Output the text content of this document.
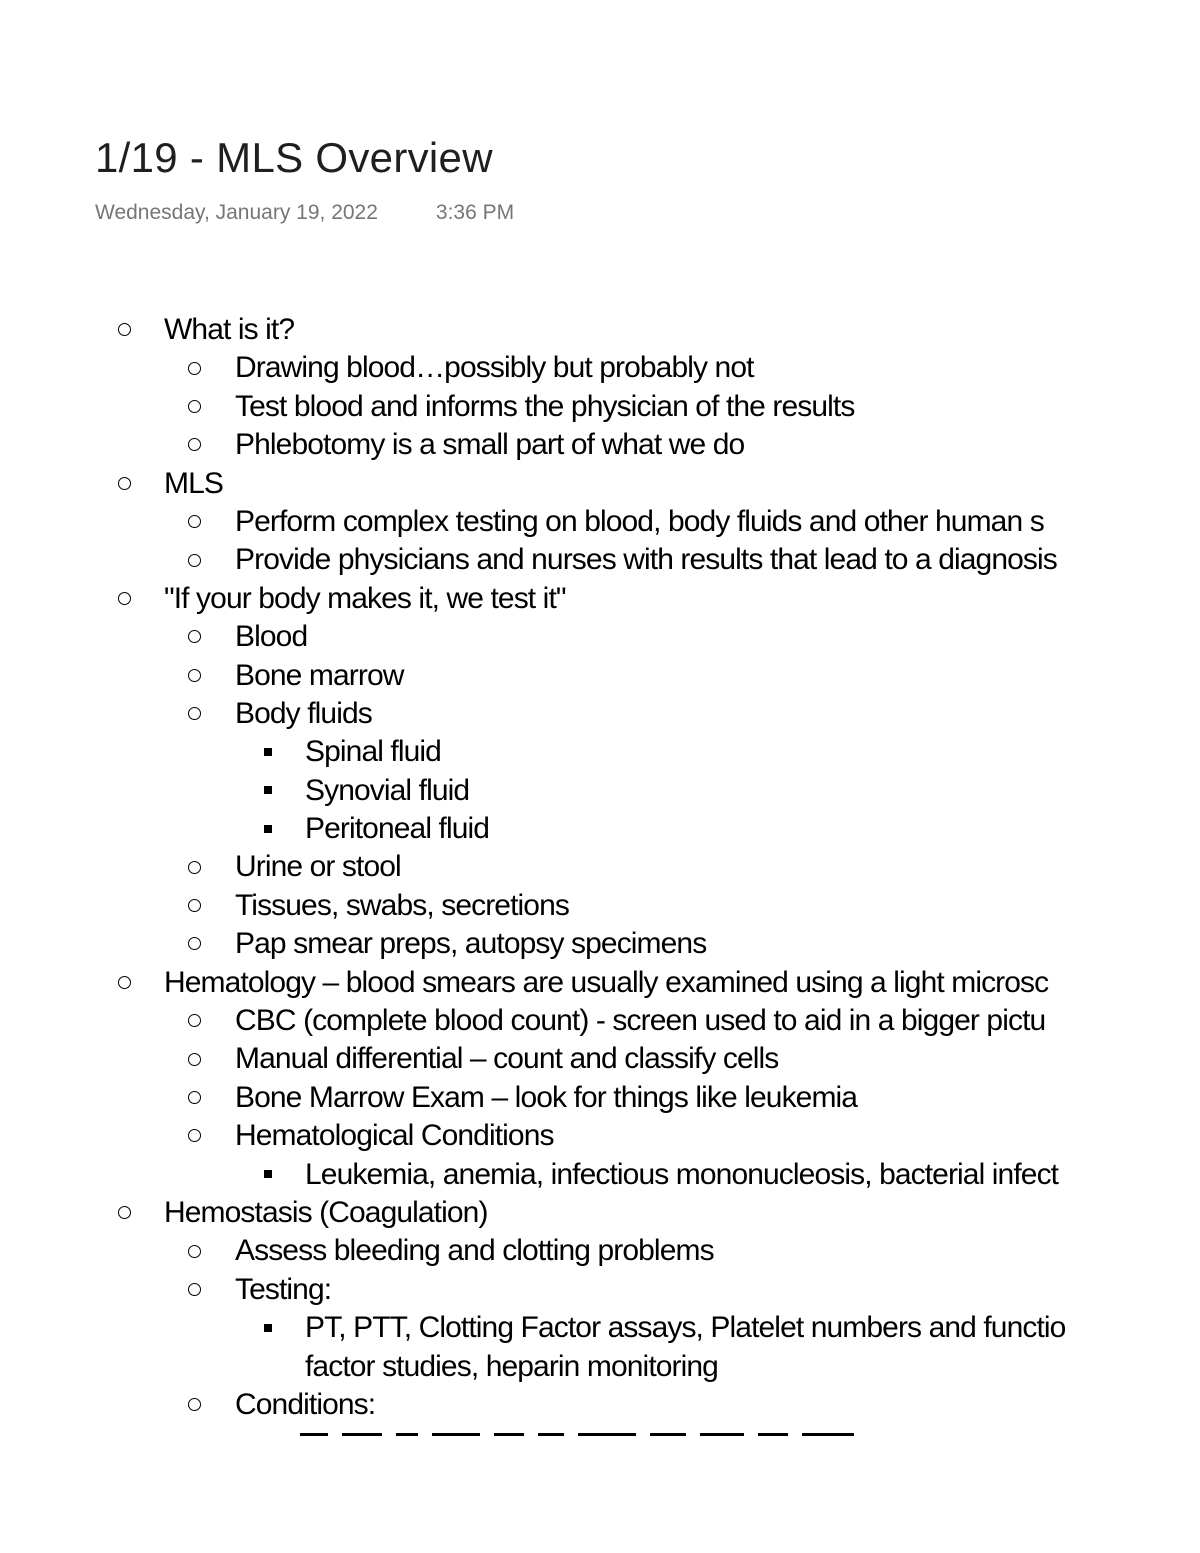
1/19 - MLS Overview
Wednesday, January 19, 2022	3:36 PM
What is it?
Drawing blood…possibly but probably not
Test blood and informs the physician of the results
Phlebotomy is a small part of what we do
MLS
Perform complex testing on blood, body fluids and other human s
Provide physicians and nurses with results that lead to a diagnosis
"If your body makes it, we test it"
Blood
Bone marrow
Body fluids
Spinal fluid
Synovial fluid
Peritoneal fluid
Urine or stool
Tissues, swabs, secretions
Pap smear preps, autopsy specimens
Hematology – blood smears are usually examined using a light microsc
CBC (complete blood count) - screen used to aid in a bigger pictu
Manual differential – count and classify cells
Bone Marrow Exam – look for things like leukemia
Hematological Conditions
Leukemia, anemia, infectious mononucleosis, bacterial infect
Hemostasis (Coagulation)
Assess bleeding and clotting problems
Testing:
PT, PTT, Clotting Factor assays, Platelet numbers and functio
factor studies, heparin monitoring
Conditions:
